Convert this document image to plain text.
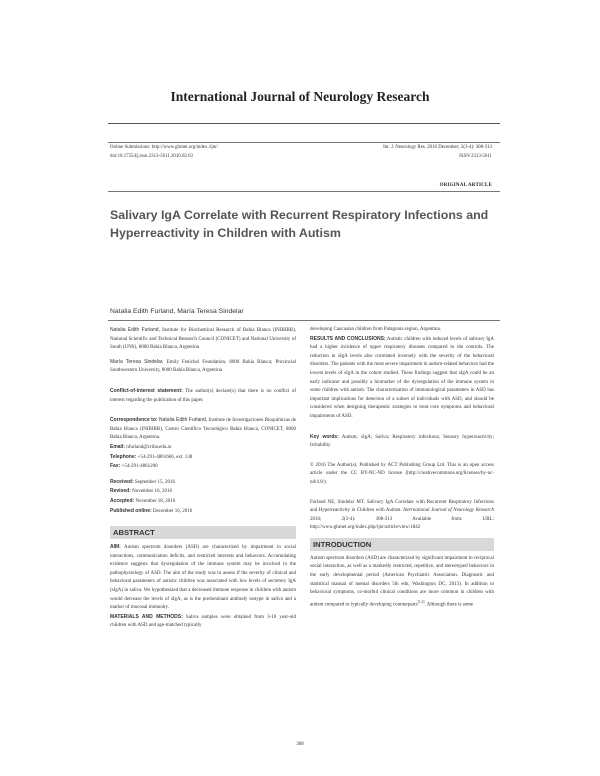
International Journal of Neurology Research
Online Submissions: http://www.ghrnet.org/index./ijnr/
doi:10.17554/j.issn.2313-5611.2016.02.63
Int. J. Neurology Res. 2016 December; 2(3-4): 308-313
ISSN 2313-5611
ORIGINAL ARTICLE
Salivary IgA Correlate with Recurrent Respiratory Infections and Hyperreactivity in Children with Autism
Natalia Edith Furland, María Teresa Sindelar

Natalia Edith Furland, Institute for Biochemical Research of Bahía Blanca (INIBIBB), National Scientific and Technical Research Council (CONICET) and National University of South (UNS), 8000 Bahía Blanca, Argentina

María Teresa Sindelar, Emily Fenichel Foundation, 8000 Bahía Blanca; Provincial Southwestern University, 8000 Bahía Blanca, Argentina

Conflict-of-interest statement: The author(s) declare(s) that there is no conflict of interest regarding the publication of this paper.

Correspondence to: Natalia Edith Furland, Institute de Investigaciones Bioquímicas de Bahía Blanca (INIBIBB), Centro Científico Tecnológico Bahía Blanca, CONICET, 8000 Bahía Blanca, Argentina.

Email: nfurland@criba.edu.ar
Telephone: +54-291-4861666, ext. 138
Fax: +54-291-4861200
Received: September 15, 2016
Revised: November 16, 2016
Accepted: November 18, 2016
Published online: December 16, 2016
ABSTRACT

AIM: Autism spectrum disorders (ASD) are characterized by impairment in social interactions, communication deficits, and restricted interests and behaviors. Accumulating evidence suggests that dysregulation of the immune system may be involved in the pathophysiology of ASD. The aim of the study was to assess if the severity of clinical and behavioral parameters of autistic children was associated with low levels of secretory IgA (sIgA) in saliva. We hypothesized that a decreased immune response in children with autism would decrease the levels of sIgA, as is the predominant antibody isotype in saliva and a marker of mucosal immunity.

MATERIALS AND METHODS: Saliva samples were obtained from 3-10 year-old children with ASD and age-matched typically

developing Caucasian children from Patagonia region, Argentina.

RESULTS AND CONCLUSIONS: Autistic children with reduced levels of salivary IgA had a higher incidence of upper respiratory diseases compared to the controls. The reduction in sIgA levels also correlated inversely with the severity of the behavioral disorders. The patients with the most severe impairment in autism-related behaviors had the lowest levels of sIgA in the cohort studied. These findings suggest that sIgA could be an early indicator and possibly a biomarker of the dysregulation of the immune system in some children with autism. The characterization of immunological parameters in ASD has important implications for detection of a subset of individuals with ASD, and should be considered when designing therapeutic strategies to treat core symptoms and behavioral impairments of ASD.

Key words: Autism; sIgA; Saliva; Respiratory infections; Sensory hyperreactivity; Irritability

© 2016 The Author(s). Published by ACT Publishing Group Ltd. This is an open access article under the CC BY-NC-ND license (http://creativecommons.org/licenses/by-nc-nd/4.0/).

Furland NE, Sindelar MT. Salivary IgA Correlate with Recurrent Respiratory Infections and Hyperreactivity in Children with Autism. International Journal of Neurology Research 2016; 2(3-4): 308-313 Available from: URL: http://www.ghrnet.org/index.php/ijnr/article/view/1842

INTRODUCTION

Autism spectrum disorders (ASD) are characterized by significant impairment in reciprocal social interaction, as well as a markedly restricted, repetitive, and stereotyped behaviors in the early developmental period (American Psychiatric Association. Diagnostic and statistical manual of mental disorders 5th edn, Washington DC, 2013). In addition to behavioral symptoms, co-morbid clinical conditions are more common in children with autism compared to typically developing counterparts[1,2]. Although there is some

308
